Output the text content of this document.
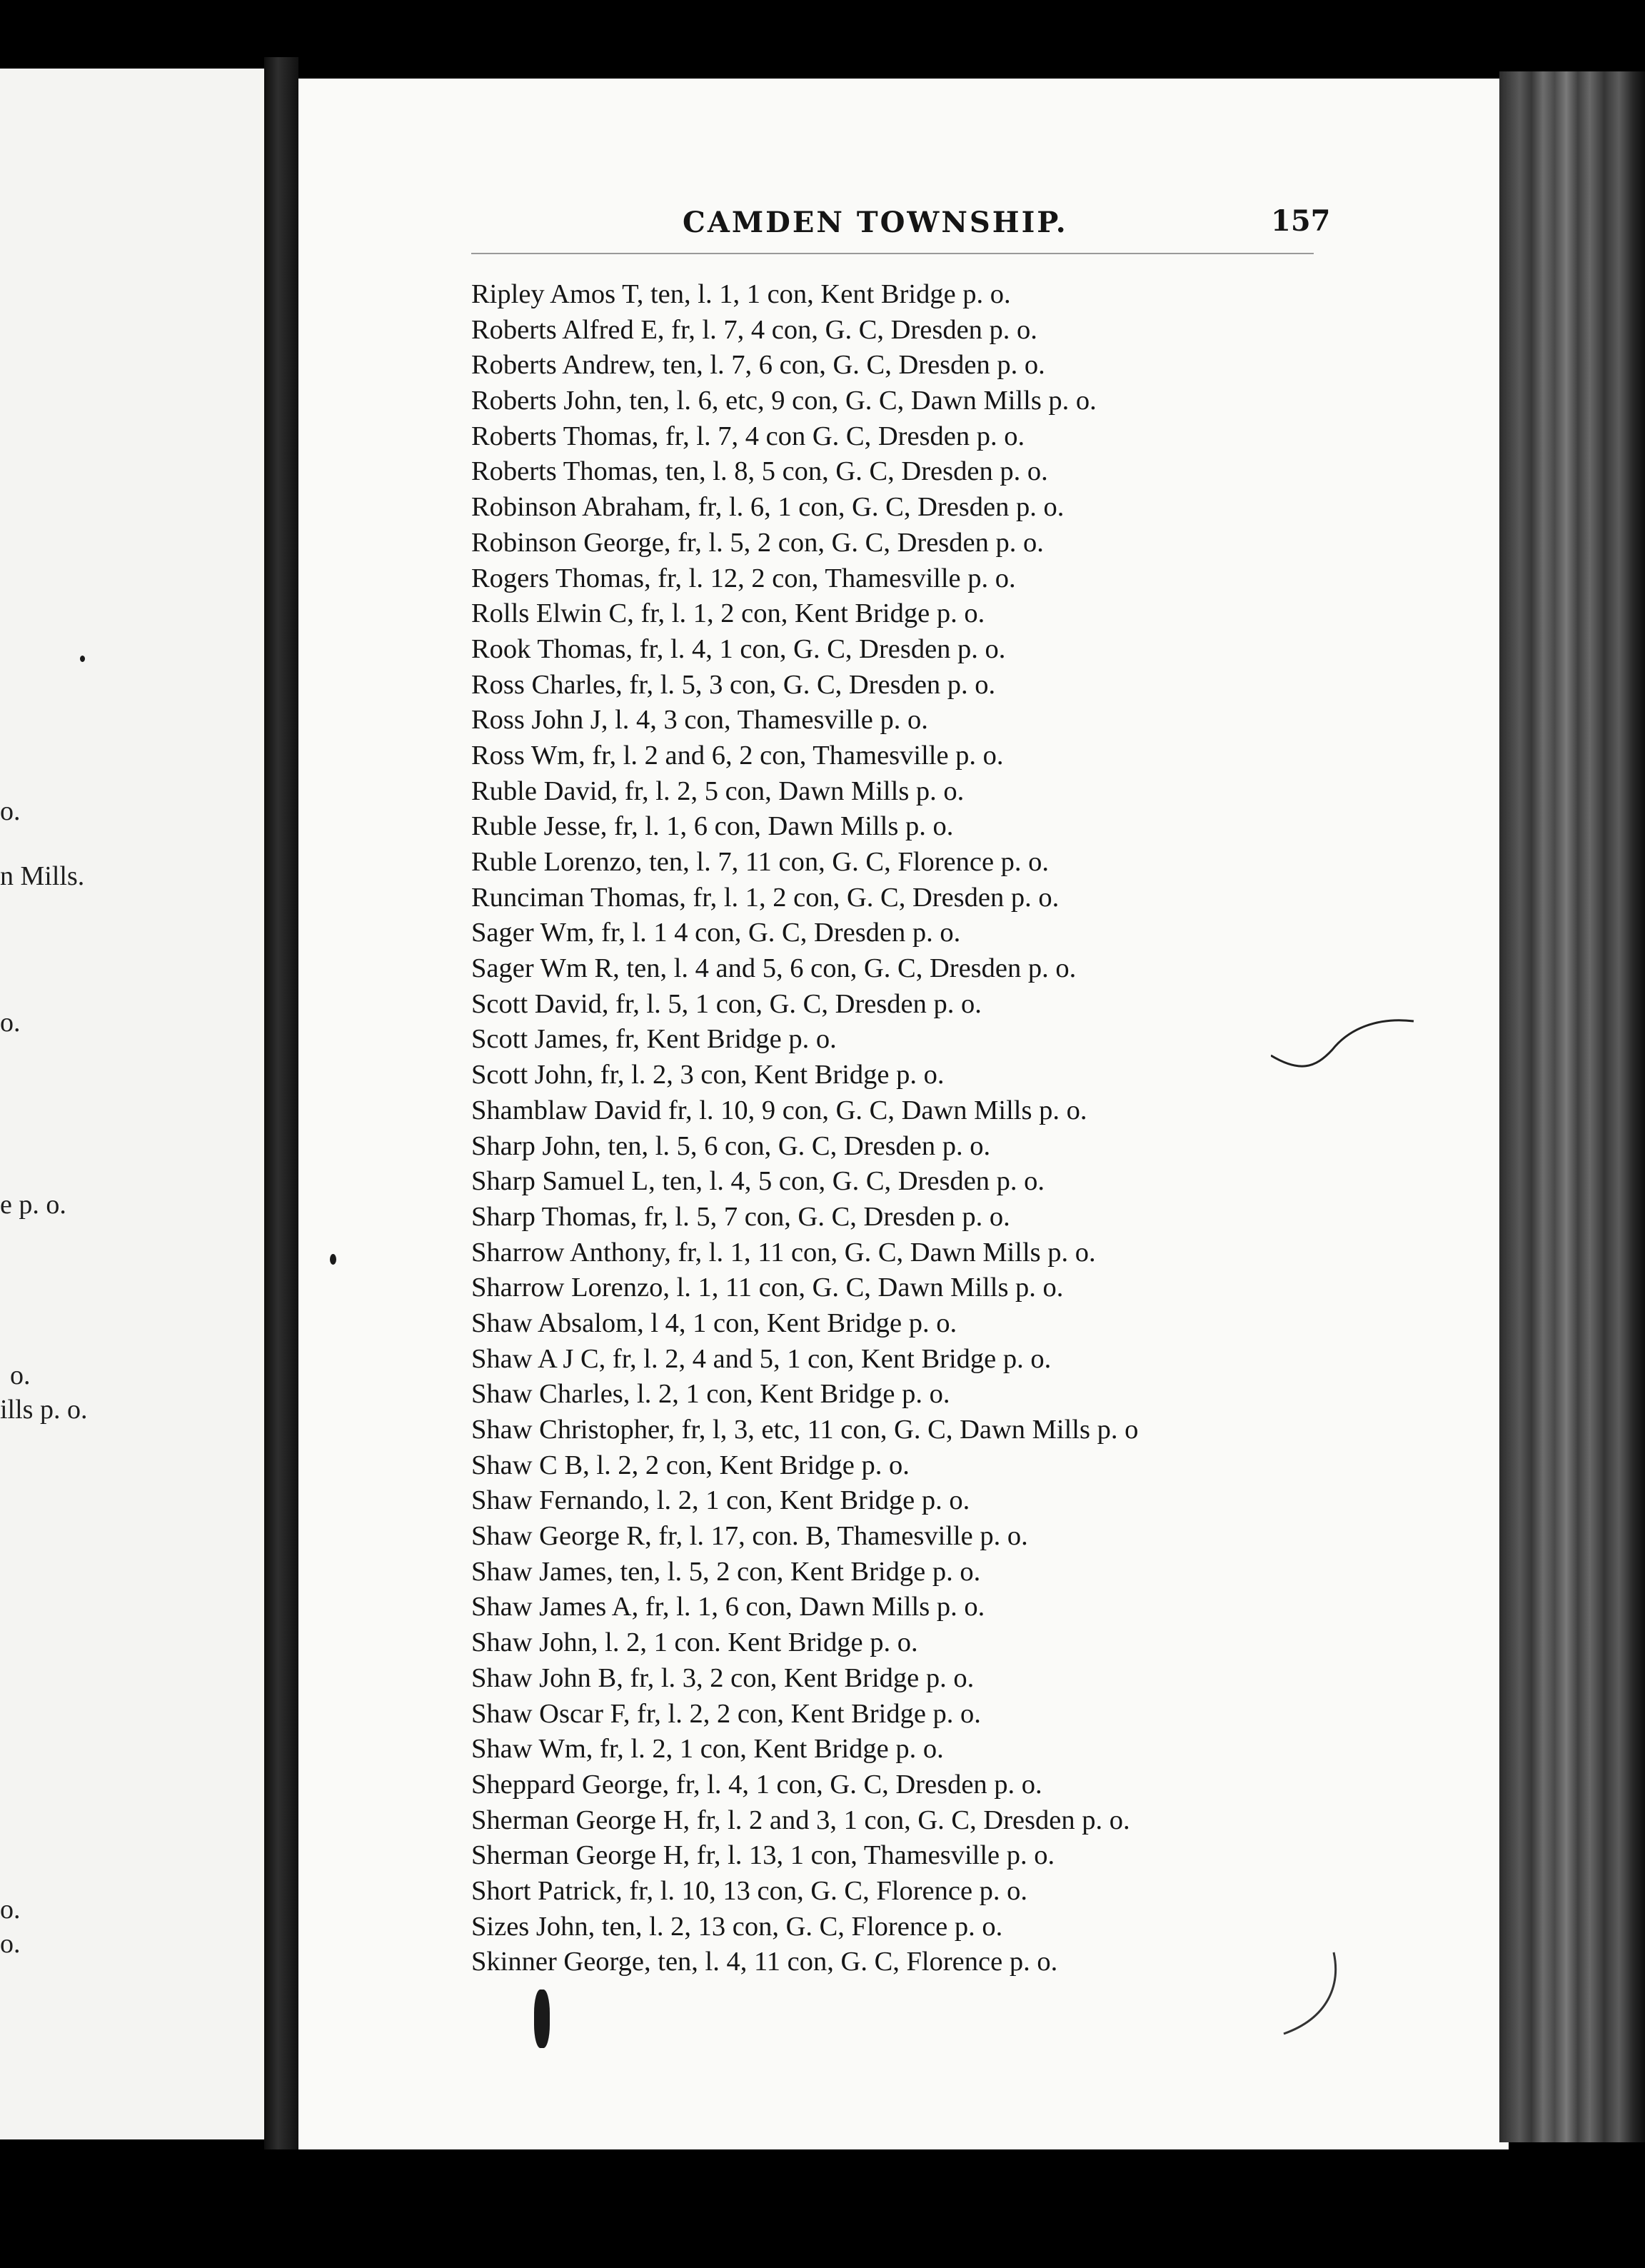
o.
n Mills.
o.
e p. o.
o.
ills p. o.
o.
o.
CAMDEN TOWNSHIP.	157
Ripley Amos T, ten, l. 1, 1 con, Kent Bridge p. o.
Roberts Alfred E, fr, l. 7, 4 con, G. C, Dresden p. o.
Roberts Andrew, ten, l. 7, 6 con, G. C, Dresden p. o.
Roberts John, ten, l. 6, etc, 9 con, G. C, Dawn Mills p. o.
Roberts Thomas, fr, l. 7, 4 con G. C, Dresden p. o.
Roberts Thomas, ten, l. 8, 5 con, G. C, Dresden p. o.
Robinson Abraham, fr, l. 6, 1 con, G. C, Dresden p. o.
Robinson George, fr, l. 5, 2 con, G. C, Dresden p. o.
Rogers Thomas, fr, l. 12, 2 con, Thamesville p. o.
Rolls Elwin C, fr, l. 1, 2 con, Kent Bridge p. o.
Rook Thomas, fr, l. 4, 1 con, G. C, Dresden p. o.
Ross Charles, fr, l. 5, 3 con, G. C, Dresden p. o.
Ross John J, l. 4, 3 con, Thamesville p. o.
Ross Wm, fr, l. 2 and 6, 2 con, Thamesville p. o.
Ruble David, fr, l. 2, 5 con, Dawn Mills p. o.
Ruble Jesse, fr, l. 1, 6 con, Dawn Mills p. o.
Ruble Lorenzo, ten, l. 7, 11 con, G. C, Florence p. o.
Runciman Thomas, fr, l. 1, 2 con, G. C, Dresden p. o.
Sager Wm, fr, l. 1 4 con, G. C, Dresden p. o.
Sager Wm R, ten, l. 4 and 5, 6 con, G. C, Dresden p. o.
Scott David, fr, l. 5, 1 con, G. C, Dresden p. o.
Scott James, fr, Kent Bridge p. o.
Scott John, fr, l. 2, 3 con, Kent Bridge p. o.
Shamblaw David fr, l. 10, 9 con, G. C, Dawn Mills p. o.
Sharp John, ten, l. 5, 6 con, G. C, Dresden p. o.
Sharp Samuel L, ten, l. 4, 5 con, G. C, Dresden p. o.
Sharp Thomas, fr, l. 5, 7 con, G. C, Dresden p. o.
Sharrow Anthony, fr, l. 1, 11 con, G. C, Dawn Mills p. o.
Sharrow Lorenzo, l. 1, 11 con, G. C, Dawn Mills p. o.
Shaw Absalom, l 4, 1 con, Kent Bridge p. o.
Shaw A J C, fr, l. 2, 4 and 5, 1 con, Kent Bridge p. o.
Shaw Charles, l. 2, 1 con, Kent Bridge p. o.
Shaw Christopher, fr, l, 3, etc, 11 con, G. C, Dawn Mills p. o
Shaw C B, l. 2, 2 con, Kent Bridge p. o.
Shaw Fernando, l. 2, 1 con, Kent Bridge p. o.
Shaw George R, fr, l. 17, con. B, Thamesville p. o.
Shaw James, ten, l. 5, 2 con, Kent Bridge p. o.
Shaw James A, fr, l. 1, 6 con, Dawn Mills p. o.
Shaw John, l. 2, 1 con. Kent Bridge p. o.
Shaw John B, fr, l. 3, 2 con, Kent Bridge p. o.
Shaw Oscar F, fr, l. 2, 2 con, Kent Bridge p. o.
Shaw Wm, fr, l. 2, 1 con, Kent Bridge p. o.
Sheppard George, fr, l. 4, 1 con, G. C, Dresden p. o.
Sherman George H, fr, l. 2 and 3, 1 con, G. C, Dresden p. o.
Sherman George H, fr, l. 13, 1 con, Thamesville p. o.
Short Patrick, fr, l. 10, 13 con, G. C, Florence p. o.
Sizes John, ten, l. 2, 13 con, G. C, Florence p. o.
Skinner George, ten, l. 4, 11 con, G. C, Florence p. o.
